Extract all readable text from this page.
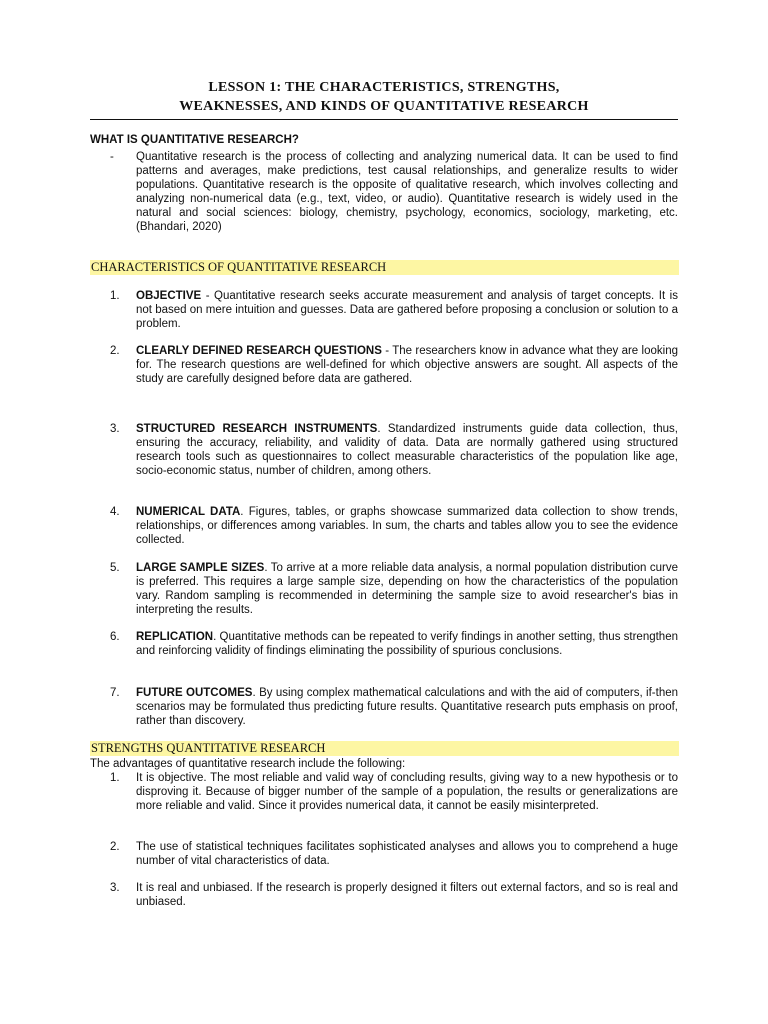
LESSON 1: THE CHARACTERISTICS, STRENGTHS,
WEAKNESSES, AND KINDS OF QUANTITATIVE RESEARCH
WHAT IS QUANTITATIVE RESEARCH?
- Quantitative research is the process of collecting and analyzing numerical data. It can be used to find patterns and averages, make predictions, test causal relationships, and generalize results to wider populations. Quantitative research is the opposite of qualitative research, which involves collecting and analyzing non-numerical data (e.g., text, video, or audio). Quantitative research is widely used in the natural and social sciences: biology, chemistry, psychology, economics, sociology, marketing, etc. (Bhandari, 2020)
CHARACTERISTICS OF QUANTITATIVE RESEARCH
1. OBJECTIVE - Quantitative research seeks accurate measurement and analysis of target concepts. It is not based on mere intuition and guesses. Data are gathered before proposing a conclusion or solution to a problem.
2. CLEARLY DEFINED RESEARCH QUESTIONS - The researchers know in advance what they are looking for. The research questions are well-defined for which objective answers are sought. All aspects of the study are carefully designed before data are gathered.
3. STRUCTURED RESEARCH INSTRUMENTS. Standardized instruments guide data collection, thus, ensuring the accuracy, reliability, and validity of data. Data are normally gathered using structured research tools such as questionnaires to collect measurable characteristics of the population like age, socio-economic status, number of children, among others.
4. NUMERICAL DATA. Figures, tables, or graphs showcase summarized data collection to show trends, relationships, or differences among variables. In sum, the charts and tables allow you to see the evidence collected.
5. LARGE SAMPLE SIZES. To arrive at a more reliable data analysis, a normal population distribution curve is preferred. This requires a large sample size, depending on how the characteristics of the population vary. Random sampling is recommended in determining the sample size to avoid researcher's bias in interpreting the results.
6. REPLICATION. Quantitative methods can be repeated to verify findings in another setting, thus strengthen and reinforcing validity of findings eliminating the possibility of spurious conclusions.
7. FUTURE OUTCOMES. By using complex mathematical calculations and with the aid of computers, if-then scenarios may be formulated thus predicting future results. Quantitative research puts emphasis on proof, rather than discovery.
STRENGTHS QUANTITATIVE RESEARCH
The advantages of quantitative research include the following:
1. It is objective. The most reliable and valid way of concluding results, giving way to a new hypothesis or to disproving it. Because of bigger number of the sample of a population, the results or generalizations are more reliable and valid. Since it provides numerical data, it cannot be easily misinterpreted.
2. The use of statistical techniques facilitates sophisticated analyses and allows you to comprehend a huge number of vital characteristics of data.
3. It is real and unbiased. If the research is properly designed it filters out external factors, and so is real and unbiased.
